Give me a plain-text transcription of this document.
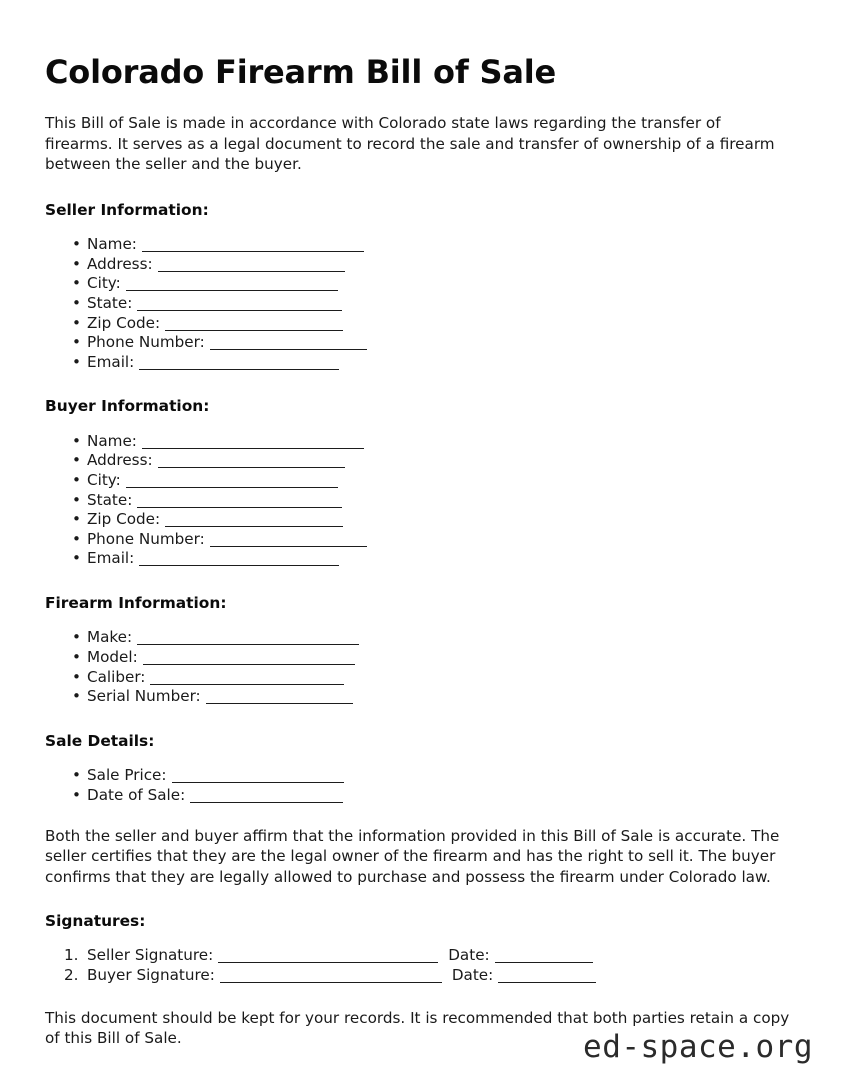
Colorado Firearm Bill of Sale

This Bill of Sale is made in accordance with Colorado state laws regarding the transfer of firearms. It serves as a legal document to record the sale and transfer of ownership of a firearm between the seller and the buyer.

Seller Information:
• Name:
• Address:
• City:
• State:
• Zip Code:
• Phone Number:
• Email:
Buyer Information:
• Name:
• Address:
• City:
• State:
• Zip Code:
• Phone Number:
• Email:
Firearm Information:
• Make:
• Model:
• Caliber:
• Serial Number:
Sale Details:
• Sale Price:
• Date of Sale:

Both the seller and buyer affirm that the information provided in this Bill of Sale is accurate. The seller certifies that they are the legal owner of the firearm and has the right to sell it. The buyer confirms that they are legally allowed to purchase and possess the firearm under Colorado law.

Signatures:
1. Seller Signature:	Date:
2. Buyer Signature:	Date:

This document should be kept for your records. It is recommended that both parties retain a copy of this Bill of Sale.	ed-space.org
